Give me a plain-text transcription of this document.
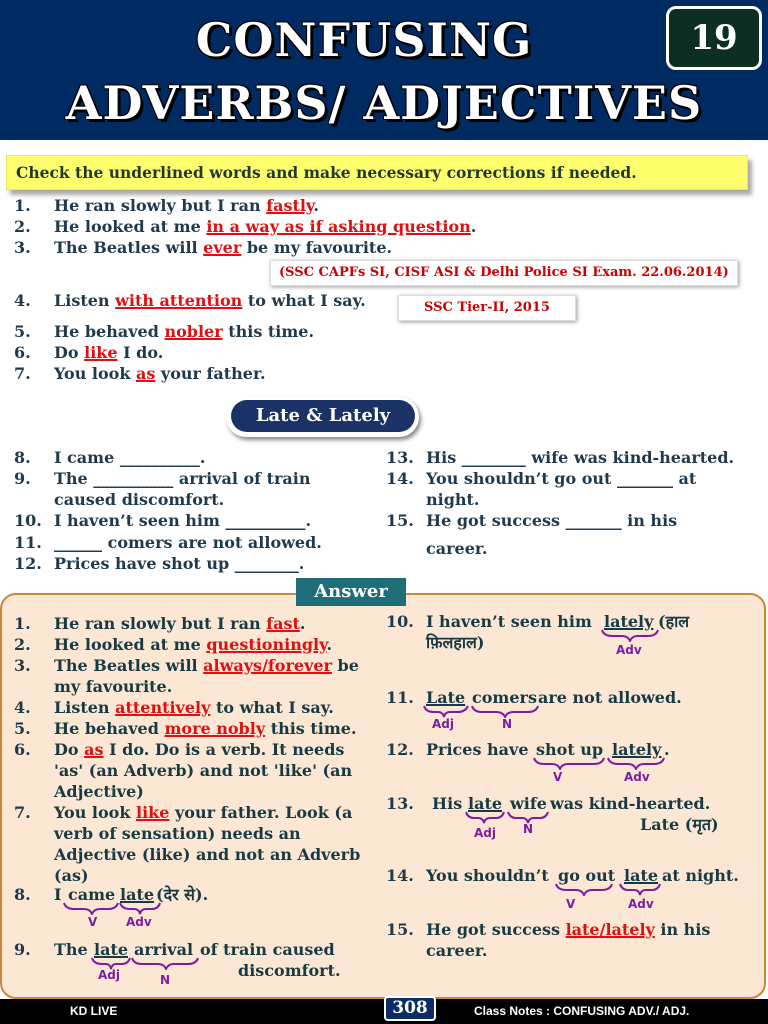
CONFUSING
ADVERBS/ ADJECTIVES
19
Check the underlined words and make necessary corrections if needed.
1. He ran slowly but I ran fastly.
2. He looked at me in a way as if asking question.
3. The Beatles will ever be my favourite.
(SSC CAPFs SI, CISF ASI & Delhi Police SI Exam. 22.06.2014)
4. Listen with attention to what I say.	SSC Tier-II, 2015
5. He behaved nobler this time.
6. Do like I do.
7. You look as your father.
Late & Lately
8. I came __________.
9. The __________ arrival of train
caused discomfort.
10. I haven’t seen him __________.
11. ______ comers are not allowed.
12. Prices have shot up ________.
13. His ________ wife was kind-hearted.
14. You shouldn’t go out _______ at
night.
15. He got success _______ in his
career.
Answer
1. He ran slowly but I ran fast.
2. He looked at me questioningly.
3. The Beatles will always/forever be
my favourite.
4. Listen attentively to what I say.
5. He behaved more nobly this time.
6. Do as I do. Do is a verb. It needs
'as' (an Adverb) and not 'like' (an
Adjective)
7. You look like your father. Look (a
verb of sensation) needs an
Adjective (like) and not an Adverb
(as)
8. I came late (देर से).
V Adv
9. The late arrival of train caused
discomfort.
Adj	N
10. I haven’t seen him lately (हाल
फ़िलहाल)	Adv
11. Late comers are not allowed.
Adj	N
12. Prices have shot up lately .
V	Adv
13. His late wife was kind-hearted.
Late (मृत)
Adj N
14. You shouldn’t go out late at night.
V	Adv
15. He got success late/lately in his
career.
KD LIVE	308	Class Notes : CONFUSING ADV./ ADJ.
